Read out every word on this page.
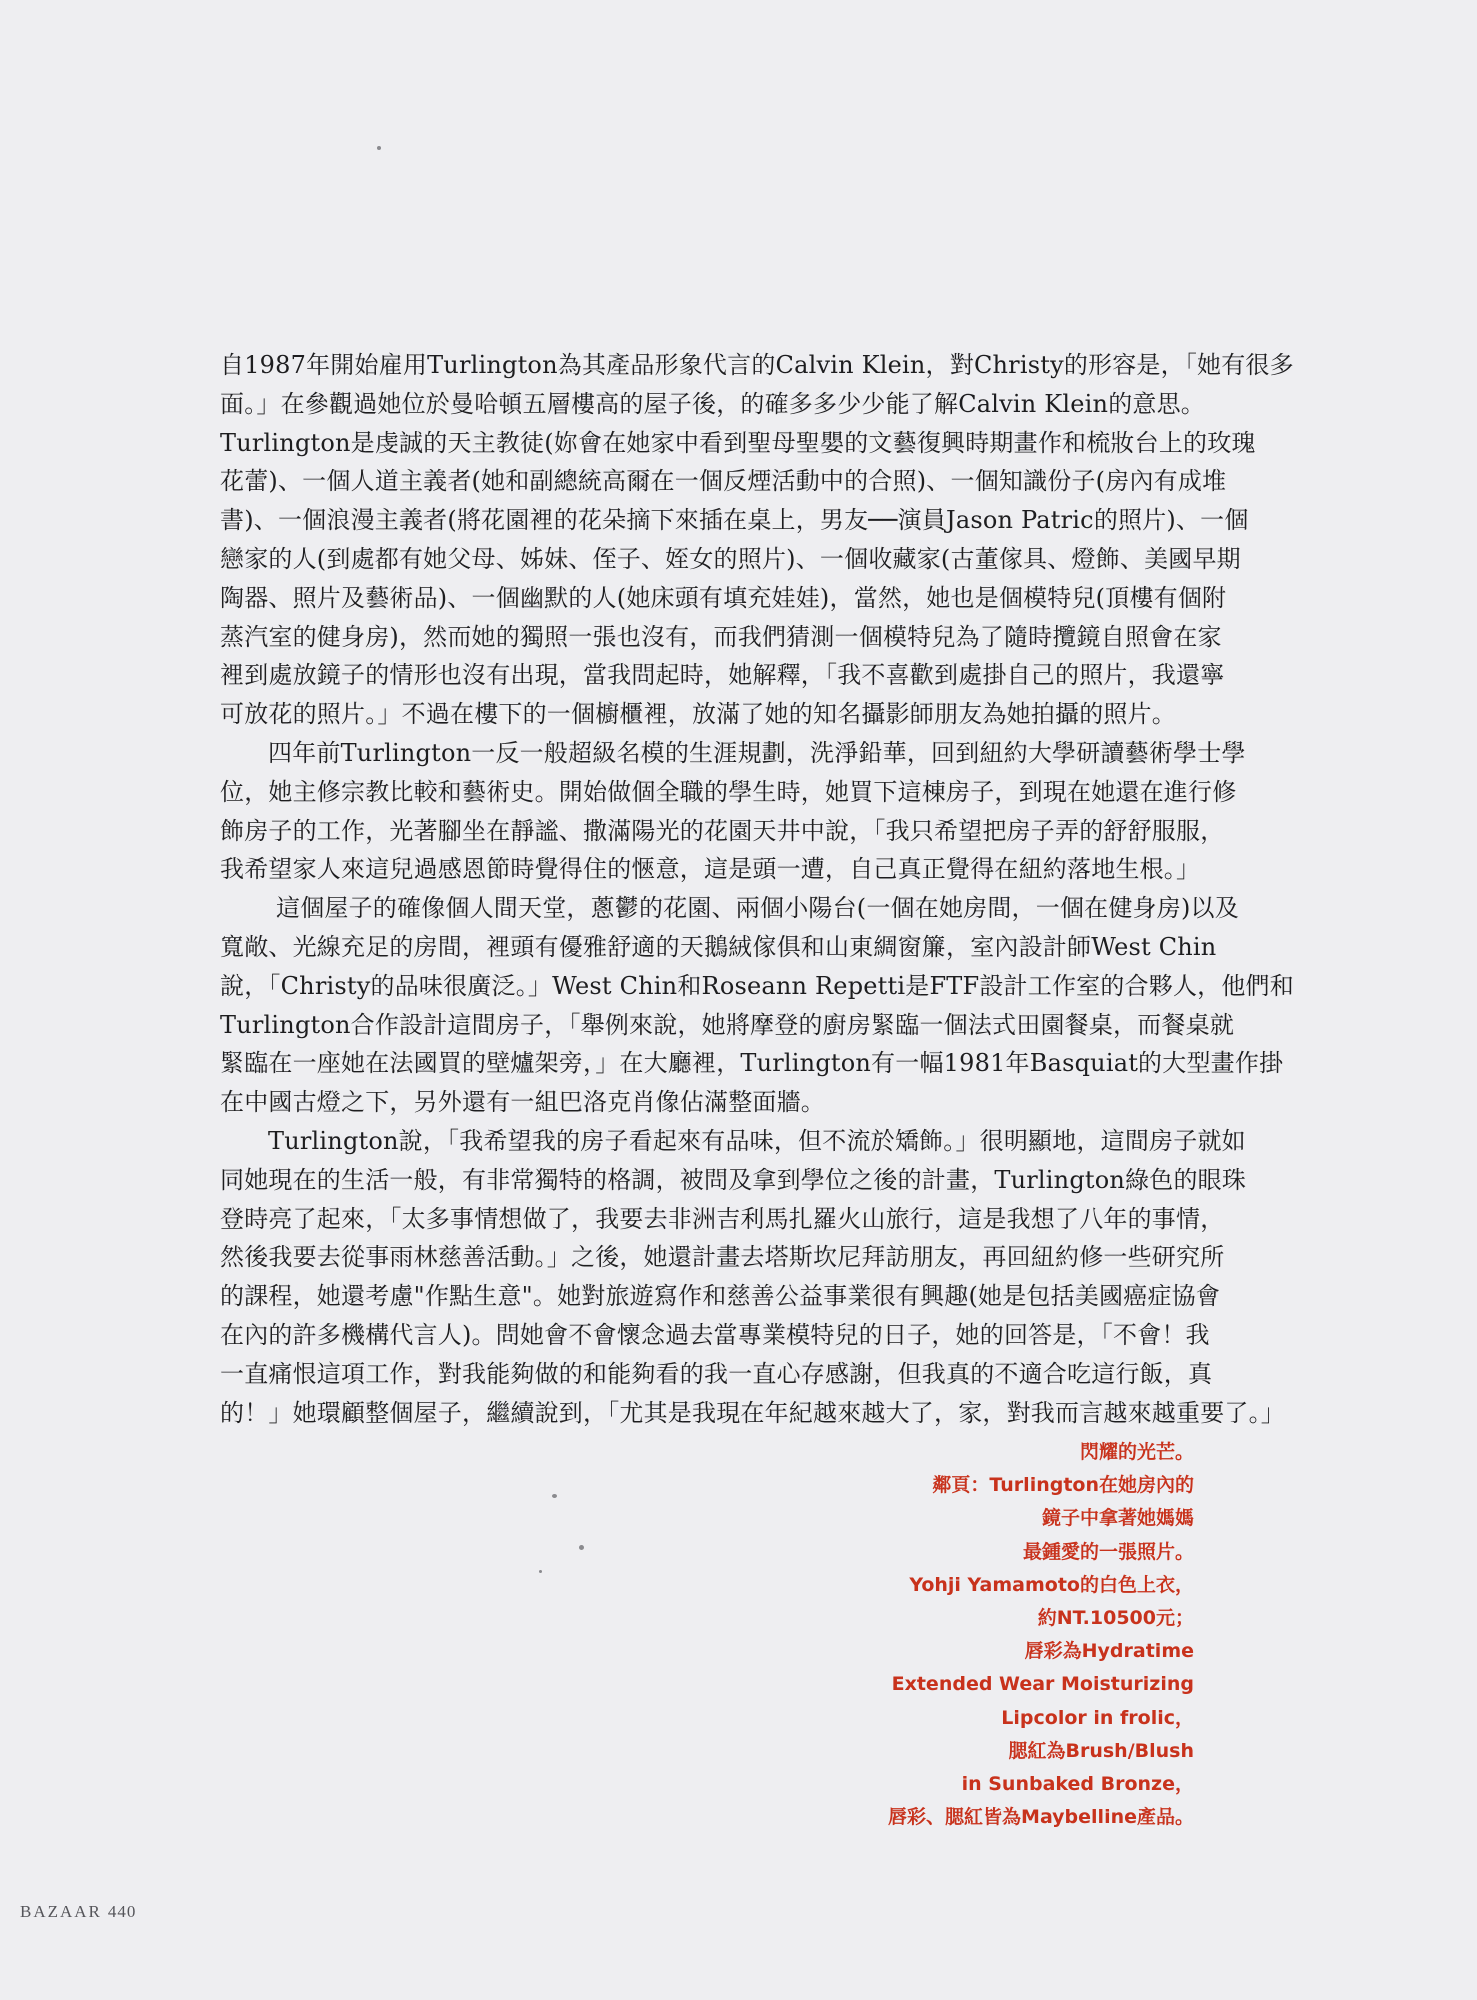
自1987年開始雇用Turlington為其產品形象代言的Calvin Klein，對Christy的形容是，「她有很多
面。」在參觀過她位於曼哈頓五層樓高的屋子後，的確多多少少能了解Calvin Klein的意思。
Turlington是虔誠的天主教徒(妳會在她家中看到聖母聖嬰的文藝復興時期畫作和梳妝台上的玫瑰
花蕾)、一個人道主義者(她和副總統高爾在一個反煙活動中的合照)、一個知識份子(房內有成堆
書)、一個浪漫主義者(將花園裡的花朵摘下來插在桌上，男友──演員Jason Patric的照片)、一個
戀家的人(到處都有她父母、姊妹、侄子、姪女的照片)、一個收藏家(古董傢具、燈飾、美國早期
陶器、照片及藝術品)、一個幽默的人(她床頭有填充娃娃)，當然，她也是個模特兒(頂樓有個附
蒸汽室的健身房)，然而她的獨照一張也沒有，而我們猜測一個模特兒為了隨時攬鏡自照會在家
裡到處放鏡子的情形也沒有出現，當我問起時，她解釋，「我不喜歡到處掛自己的照片，我還寧
可放花的照片。」不過在樓下的一個櫥櫃裡，放滿了她的知名攝影師朋友為她拍攝的照片。
四年前Turlington一反一般超級名模的生涯規劃，洗淨鉛華，回到紐約大學研讀藝術學士學
位，她主修宗教比較和藝術史。開始做個全職的學生時，她買下這棟房子，到現在她還在進行修
飾房子的工作，光著腳坐在靜謐、撒滿陽光的花園天井中說，「我只希望把房子弄的舒舒服服，
我希望家人來這兒過感恩節時覺得住的愜意，這是頭一遭，自己真正覺得在紐約落地生根。」
這個屋子的確像個人間天堂，蔥鬱的花園、兩個小陽台(一個在她房間，一個在健身房)以及
寬敞、光線充足的房間，裡頭有優雅舒適的天鵝絨傢俱和山東綢窗簾，室內設計師West Chin
說，「Christy的品味很廣泛。」West Chin和Roseann Repetti是FTF設計工作室的合夥人，他們和
Turlington合作設計這間房子，「舉例來說，她將摩登的廚房緊臨一個法式田園餐桌，而餐桌就
緊臨在一座她在法國買的壁爐架旁，」在大廳裡，Turlington有一幅1981年Basquiat的大型畫作掛
在中國古燈之下，另外還有一組巴洛克肖像佔滿整面牆。
Turlington說，「我希望我的房子看起來有品味，但不流於矯飾。」很明顯地，這間房子就如
同她現在的生活一般，有非常獨特的格調，被問及拿到學位之後的計畫，Turlington綠色的眼珠
登時亮了起來，「太多事情想做了，我要去非洲吉利馬扎羅火山旅行，這是我想了八年的事情，
然後我要去從事雨林慈善活動。」之後，她還計畫去塔斯坎尼拜訪朋友，再回紐約修一些研究所
的課程，她還考慮"作點生意"。她對旅遊寫作和慈善公益事業很有興趣(她是包括美國癌症協會
在內的許多機構代言人)。問她會不會懷念過去當專業模特兒的日子，她的回答是，「不會！我
一直痛恨這項工作，對我能夠做的和能夠看的我一直心存感謝，但我真的不適合吃這行飯，真
的！」她環顧整個屋子，繼續說到，「尤其是我現在年紀越來越大了，家，對我而言越來越重要了。」
閃耀的光芒。
鄰頁：Turlington在她房內的
鏡子中拿著她媽媽
最鍾愛的一張照片。
Yohji Yamamoto的白色上衣，
約NT.10500元；
唇彩為Hydratime
Extended Wear Moisturizing
Lipcolor in frolic，
腮紅為Brush/Blush
in Sunbaked Bronze，
唇彩、腮紅皆為Maybelline產品。
BAZAAR 440
